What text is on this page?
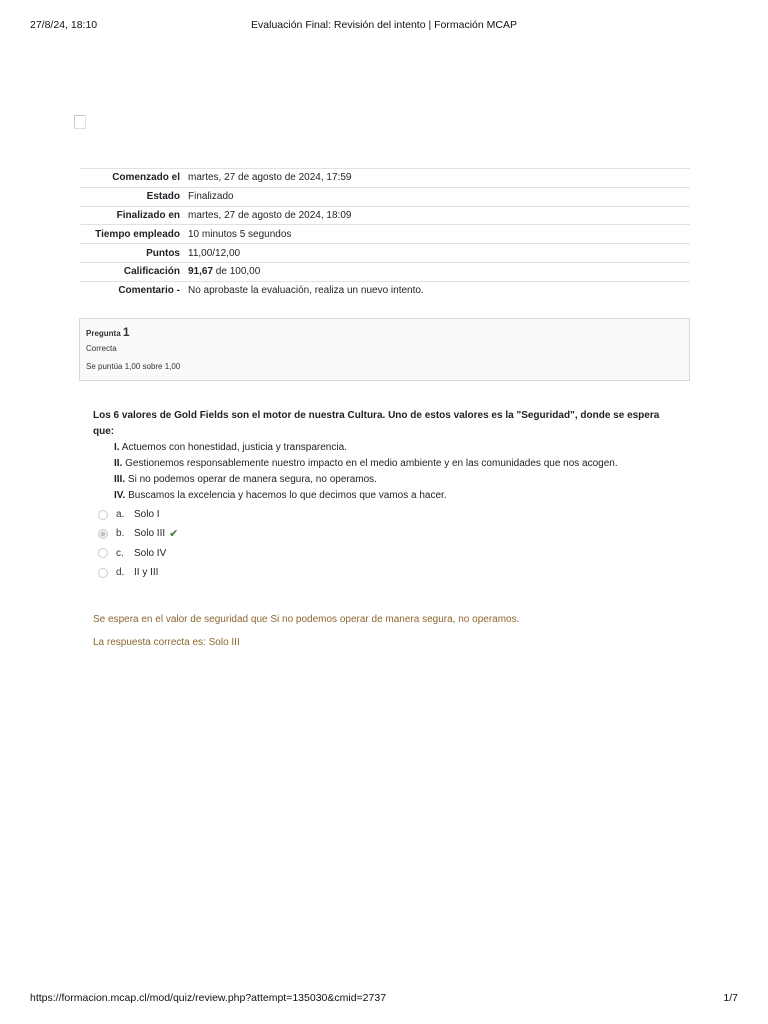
27/8/24, 18:10	Evaluación Final: Revisión del intento | Formación MCAP
Comenzado el	martes, 27 de agosto de 2024, 17:59
Estado	Finalizado
Finalizado en	martes, 27 de agosto de 2024, 18:09
Tiempo empleado	10 minutos 5 segundos
Puntos	11,00/12,00
Calificación	91,67 de 100,00
Comentario -	No aprobaste la evaluación, realiza un nuevo intento.
Pregunta 1
Correcta
Se puntúa 1,00 sobre 1,00
Los 6 valores de Gold Fields son el motor de nuestra Cultura. Uno de estos valores es la "Seguridad", donde se espera que:
I. Actuemos con honestidad, justicia y transparencia.
II. Gestionemos responsablemente nuestro impacto en el medio ambiente y en las comunidades que nos acogen.
III. Si no podemos operar de manera segura, no operamos.
IV. Buscamos la excelencia y hacemos lo que decimos que vamos a hacer.
a. Solo I
b. Solo III ✔
c.	Solo IV
d. II y III
Se espera en el valor de seguridad que Si no podemos operar de manera segura, no operamos.
La respuesta correcta es: Solo III
https://formacion.mcap.cl/mod/quiz/review.php?attempt=135030&cmid=2737	1/7
